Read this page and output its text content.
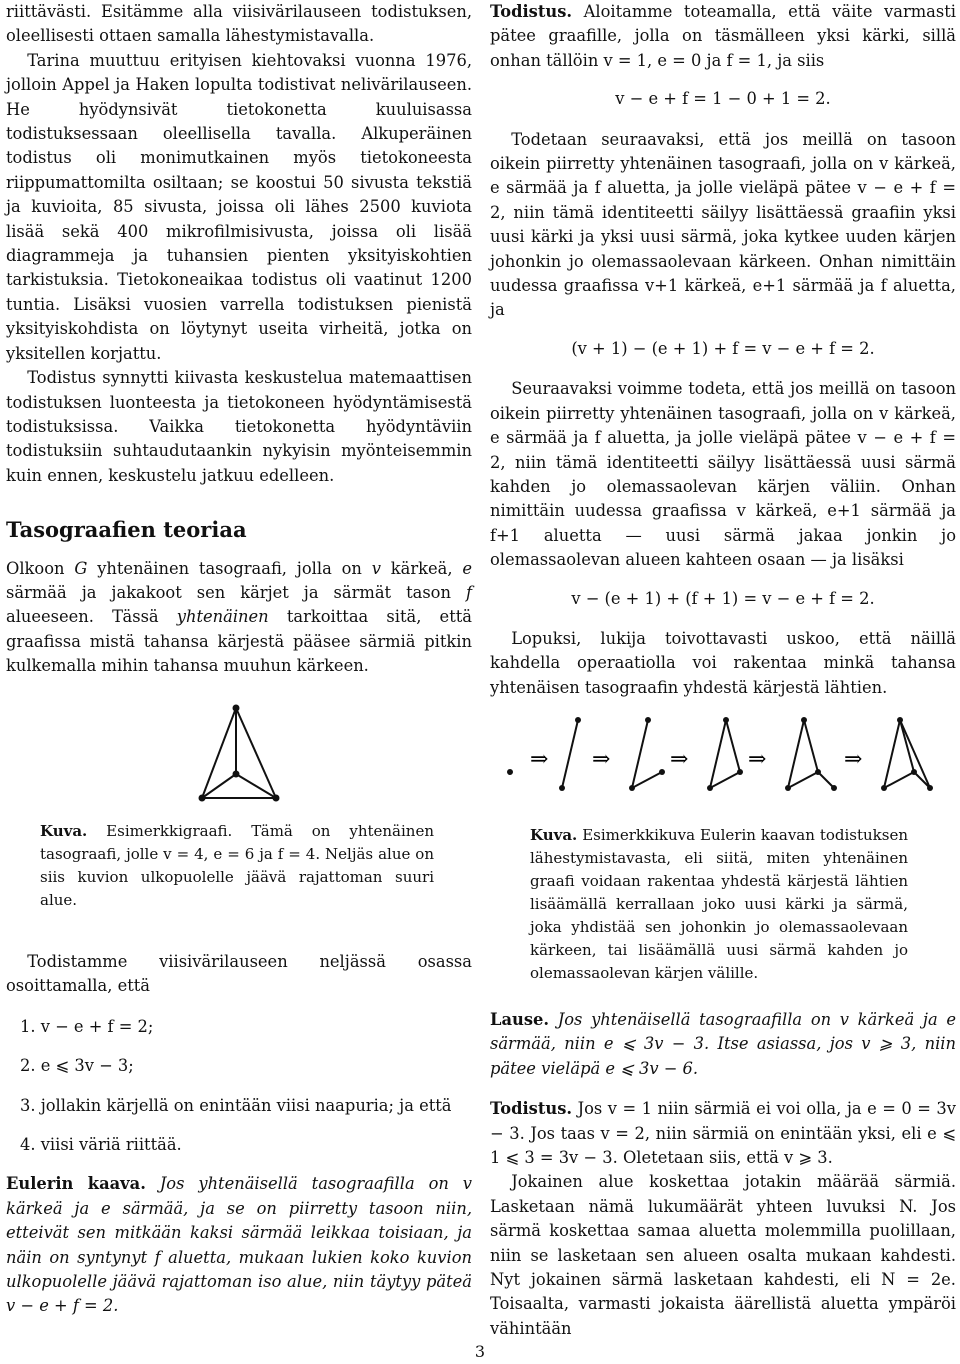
riittävästi. Esitämme alla viisivärilauseen todistuksen, oleellisesti ottaen samalla lähestymistavalla.

Tarina muuttuu erityisen kiehtovaksi vuonna 1976, jolloin Appel ja Haken lopulta todistivat nelivärilauseen. He hyödynsivät tietokonetta kuuluisassa todistuksessaan oleellisella tavalla. Alkuperäinen todistus oli monimutkainen myös tietokoneesta riippumattomilta osiltaan; se koostui 50 sivusta tekstiä ja kuvioita, 85 sivusta, joissa oli lähes 2500 kuviota lisää sekä 400 mikrofilmisivusta, joissa oli lisää diagrammeja ja tuhansien pienten yksityiskohtien tarkistuksia. Tietokoneaikaa todistus oli vaatinut 1200 tuntia. Lisäksi vuosien varrella todistuksen pienistä yksityiskohdista on löytynyt useita virheitä, jotka on yksitellen korjattu.

Todistus synnytti kiivasta keskustelua matemaattisen todistuksen luonteesta ja tietokoneen hyödyntämisestä todistuksissa. Vaikka tietokonetta hyödyntäviin todistuksiin suhtaudutaankin nykyisin myönteisemmin kuin ennen, keskustelu jatkuu edelleen.

Tasograafien teoriaa

Olkoon G yhtenäinen tasograafi, jolla on v kärkeä, e särmää ja jakakoot sen kärjet ja särmät tason f alueeseen. Tässä yhtenäinen tarkoittaa sitä, että graafissa mistä tahansa kärjestä pääsee särmiä pitkin kulkemalla mihin tahansa muuhun kärkeen.

Kuva. Esimerkkigraafi. Tämä on yhtenäinen tasograafi, jolle v = 4, e = 6 ja f = 4. Neljäs alue on siis kuvion ulkopuolelle jäävä rajattoman suuri alue.

Todistamme viisivärilauseen neljässä osassa osoittamalla, että

1. v − e + f = 2;
2. e ⩽ 3v − 3;
3. jollakin kärjellä on enintään viisi naapuria; ja että
4. viisi väriä riittää.

Eulerin kaava. Jos yhtenäisellä tasograafilla on v kärkeä ja e särmää, ja se on piirretty tasoon niin, etteivät sen mitkään kaksi särmää leikkaa toisiaan, ja näin on syntynyt f aluetta, mukaan lukien koko kuvion ulkopuolelle jäävä rajattoman iso alue, niin täytyy päteä v − e + f = 2.

Todistus. Aloitamme toteamalla, että väite varmasti pätee graafille, jolla on täsmälleen yksi kärki, sillä onhan tällöin v = 1, e = 0 ja f = 1, ja siis

v − e + f = 1 − 0 + 1 = 2.

Todetaan seuraavaksi, että jos meillä on tasoon oikein piirretty yhtenäinen tasograafi, jolla on v kärkeä, e särmää ja f aluetta, ja jolle vieläpä pätee v − e + f = 2, niin tämä identiteetti säilyy lisättäessä graafiin yksi uusi kärki ja yksi uusi särmä, joka kytkee uuden kärjen johonkin jo olemassaolevaan kärkeen. Onhan nimittäin uudessa graafissa v+1 kärkeä, e+1 särmää ja f aluetta, ja

(v + 1) − (e + 1) + f = v − e + f = 2.

Seuraavaksi voimme todeta, että jos meillä on tasoon oikein piirretty yhtenäinen tasograafi, jolla on v kärkeä, e särmää ja f aluetta, ja jolle vieläpä pätee v − e + f = 2, niin tämä identiteetti säilyy lisättäessä uusi särmä kahden jo olemassaolevan kärjen väliin. Onhan nimittäin uudessa graafissa v kärkeä, e+1 särmää ja f+1 aluetta — uusi särmä jakaa jonkin jo olemassaolevan alueen kahteen osaan — ja lisäksi

v − (e + 1) + (f + 1) = v − e + f = 2.

Lopuksi, lukija toivottavasti uskoo, että näillä kahdella operaatiolla voi rakentaa minkä tahansa yhtenäisen tasograafin yhdestä kärjestä lähtien.

⇒ ⇒	⇒	⇒	⇒
Kuva. Esimerkkikuva Eulerin kaavan todistuksen lähestymistavasta, eli siitä, miten yhtenäinen graafi voidaan rakentaa yhdestä kärjestä lähtien lisäämällä kerrallaan joko uusi kärki ja särmä, joka yhdistää sen johonkin jo olemassaolevaan kärkeen, tai lisäämällä uusi särmä kahden jo olemassaolevan kärjen välille.

Lause. Jos yhtenäisellä tasograafilla on v kärkeä ja e särmää, niin e ⩽ 3v − 3. Itse asiassa, jos v ⩾ 3, niin pätee vieläpä e ⩽ 3v − 6.

Todistus. Jos v = 1 niin särmiä ei voi olla, ja e = 0 = 3v − 3. Jos taas v = 2, niin särmiä on enintään yksi, eli e ⩽ 1 ⩽ 3 = 3v − 3. Oletetaan siis, että v ⩾ 3.

Jokainen alue koskettaa jotakin määrää särmiä. Lasketaan nämä lukumäärät yhteen luvuksi N. Jos särmä koskettaa samaa aluetta molemmilla puolillaan, niin se lasketaan sen alueen osalta mukaan kahdesti. Nyt jokainen särmä lasketaan kahdesti, eli N = 2e. Toisaalta, varmasti jokaista äärellistä aluetta ympäröi vähintään

3
